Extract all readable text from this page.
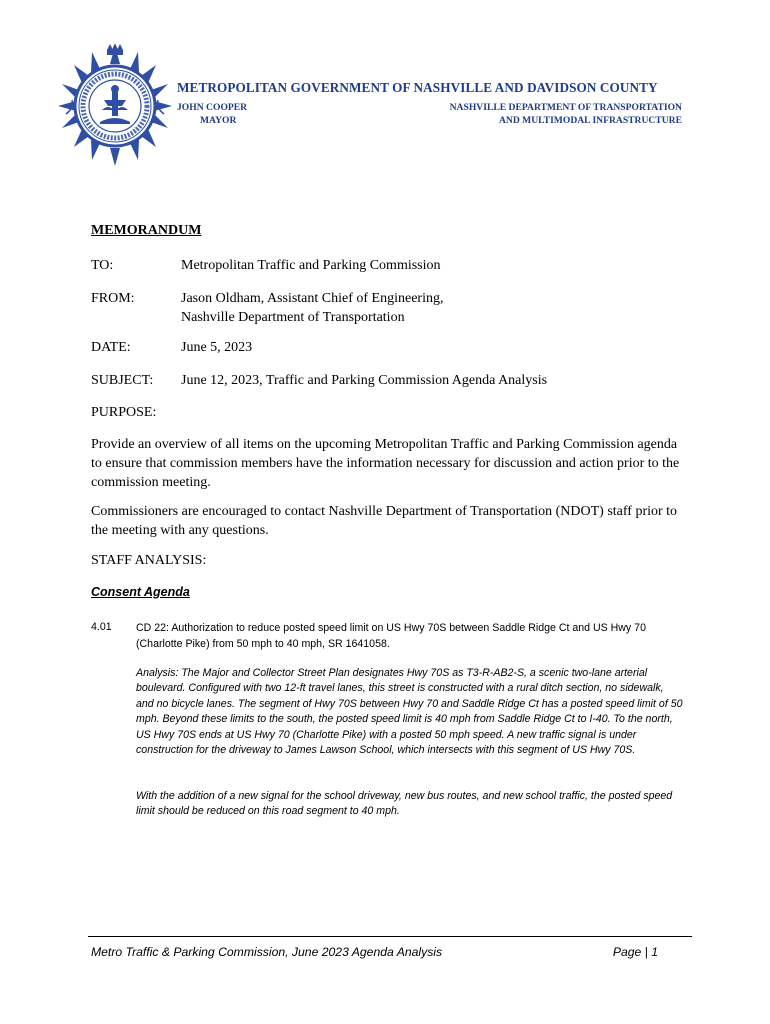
METROPOLITAN GOVERNMENT OF NASHVILLE AND DAVIDSON COUNTY
JOHN COOPER
MAYOR
NASHVILLE DEPARTMENT OF TRANSPORTATION
AND MULTIMODAL INFRASTRUCTURE
MEMORANDUM
TO:	Metropolitan Traffic and Parking Commission
FROM:	Jason Oldham, Assistant Chief of Engineering,
Nashville Department of Transportation
DATE:	June 5, 2023
SUBJECT: June 12, 2023, Traffic and Parking Commission Agenda Analysis
PURPOSE:
Provide an overview of all items on the upcoming Metropolitan Traffic and Parking Commission agenda to ensure that commission members have the information necessary for discussion and action prior to the commission meeting.
Commissioners are encouraged to contact Nashville Department of Transportation (NDOT) staff prior to the meeting with any questions.
STAFF ANALYSIS:
Consent Agenda
4.01 CD 22: Authorization to reduce posted speed limit on US Hwy 70S between Saddle Ridge Ct and US Hwy 70 (Charlotte Pike) from 50 mph to 40 mph, SR 1641058.
Analysis: The Major and Collector Street Plan designates Hwy 70S as T3-R-AB2-S, a scenic two-lane arterial boulevard. Configured with two 12-ft travel lanes, this street is constructed with a rural ditch section, no sidewalk, and no bicycle lanes. The segment of Hwy 70S between Hwy 70 and Saddle Ridge Ct has a posted speed limit of 50 mph. Beyond these limits to the south, the posted speed limit is 40 mph from Saddle Ridge Ct to I-40. To the north, US Hwy 70S ends at US Hwy 70 (Charlotte Pike) with a posted 50 mph speed. A new traffic signal is under construction for the driveway to James Lawson School, which intersects with this segment of US Hwy 70S.
With the addition of a new signal for the school driveway, new bus routes, and new school traffic, the posted speed limit should be reduced on this road segment to 40 mph.
Metro Traffic & Parking Commission, June 2023 Agenda Analysis	Page | 1
